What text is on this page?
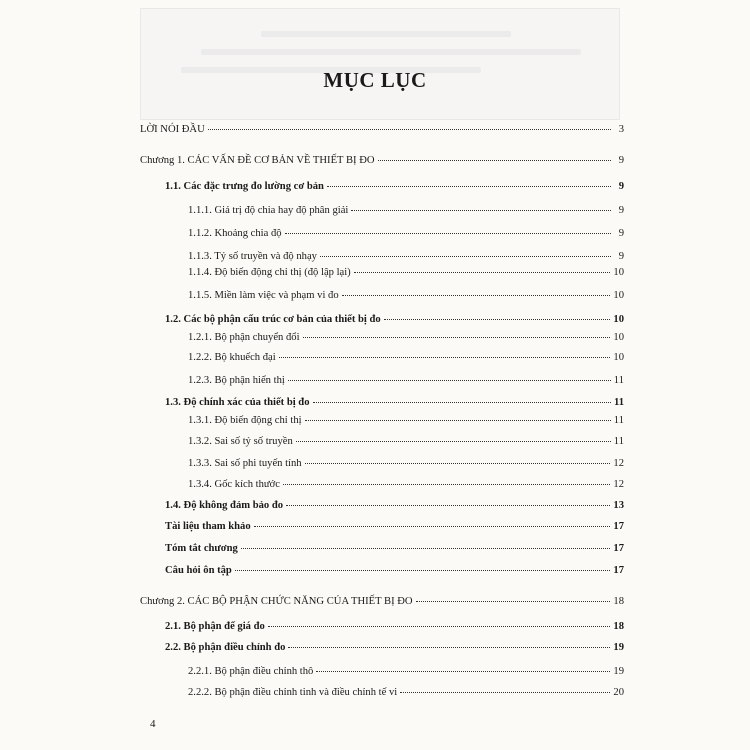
MỤC LỤC
LỜI NÓI ĐẦU	3
Chương 1. CÁC VẤN ĐỀ CƠ BẢN VỀ THIẾT BỊ ĐO	9
1.1. Các đặc trưng đo lường cơ bản	9
1.1.1. Giá trị độ chia hay độ phân giải	9
1.1.2. Khoảng chia độ	9
1.1.3. Tỷ số truyền và độ nhạy	9
1.1.4. Độ biến động chỉ thị (độ lập lại)	10
1.1.5. Miền làm việc và phạm vi đo	10
1.2. Các bộ phận cấu trúc cơ bản của thiết bị đo	10
1.2.1. Bộ phận chuyển đổi	10
1.2.2. Bộ khuếch đại	10
1.2.3. Bộ phận hiển thị	11
1.3. Độ chính xác của thiết bị đo	11
1.3.1. Độ biến động chỉ thị	11
1.3.2. Sai số tỷ số truyền	11
1.3.3. Sai số phi tuyến tính	12
1.3.4. Gốc kích thước	12
1.4. Độ không đảm bảo đo	13
Tài liệu tham khảo	17
Tóm tắt chương	17
Câu hỏi ôn tập	17
Chương 2. CÁC BỘ PHẬN CHỨC NĂNG CỦA THIẾT BỊ ĐO	18
2.1. Bộ phận đế giá đo	18
2.2. Bộ phận điều chỉnh đo	19
2.2.1. Bộ phận điều chỉnh thô	19
2.2.2. Bộ phận điều chỉnh tinh và điều chỉnh tế vi	20
4
